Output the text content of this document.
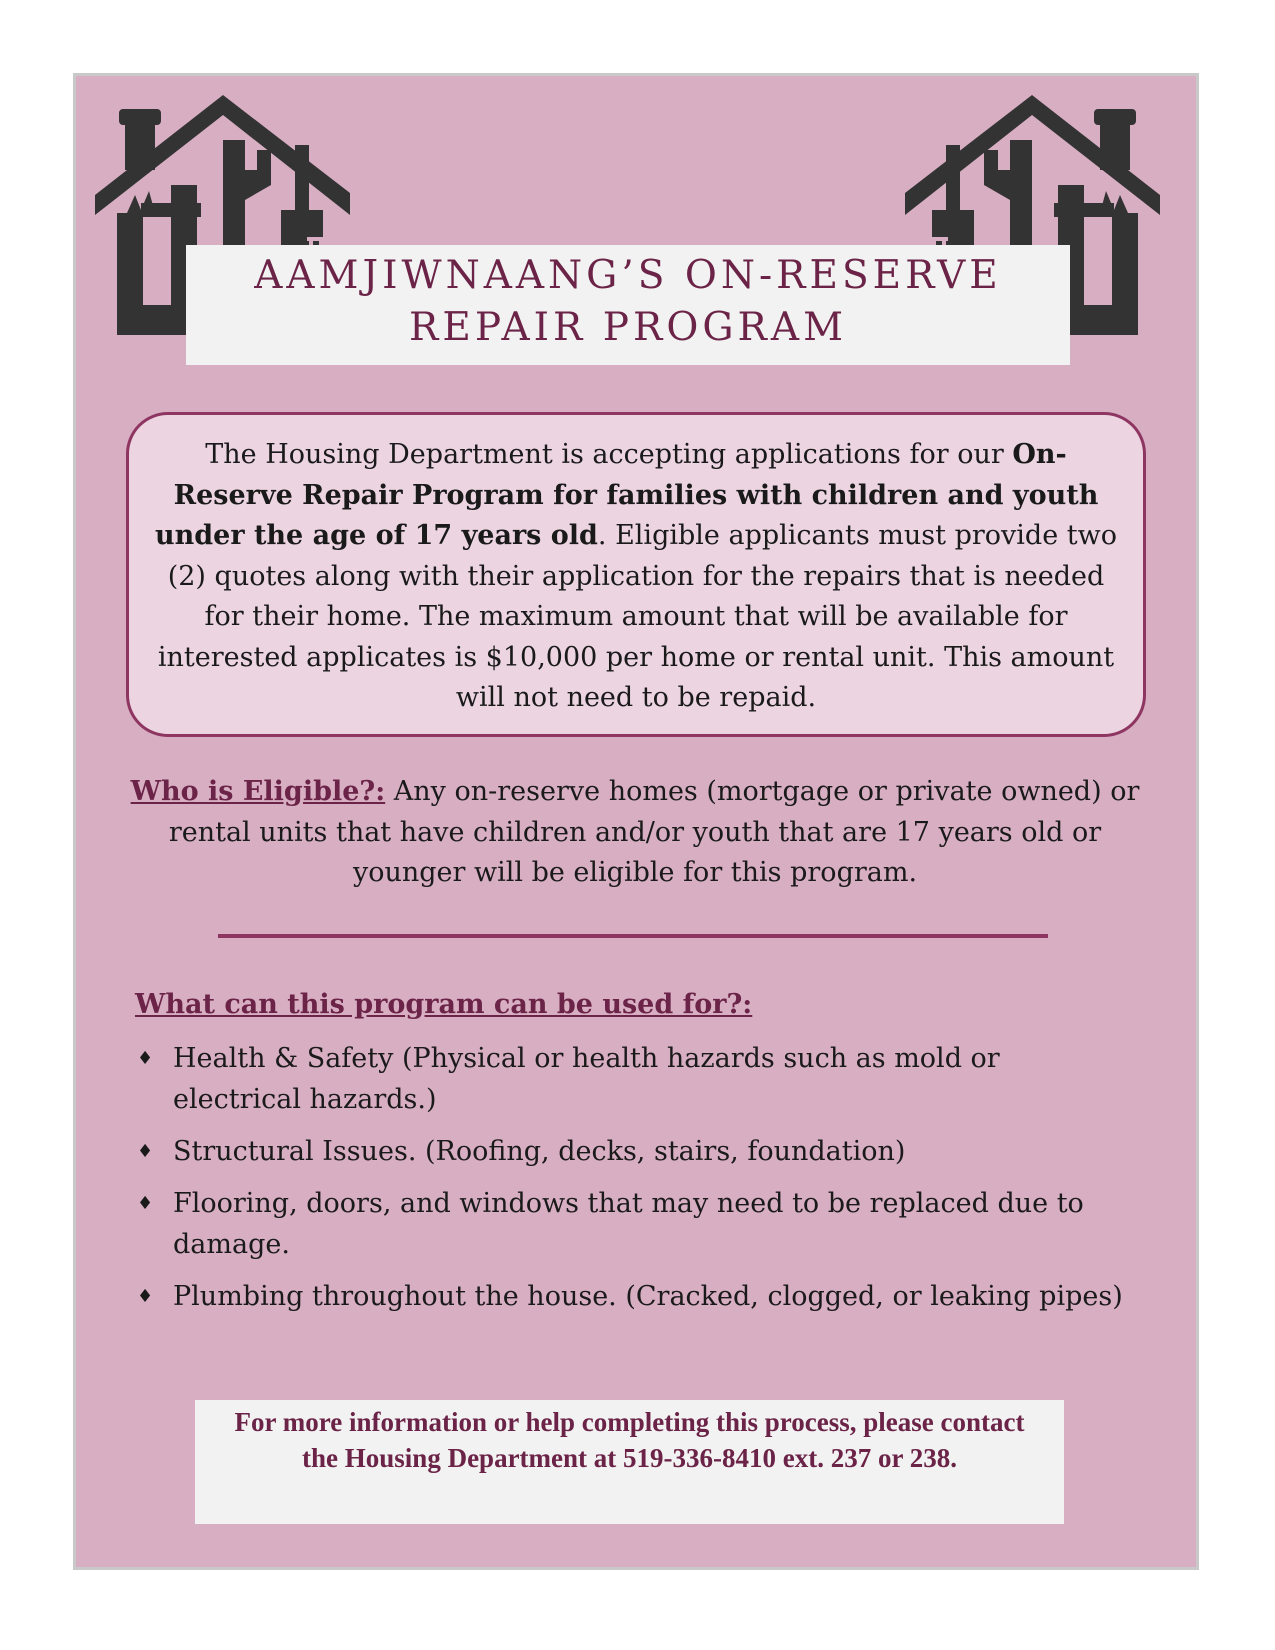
AAMJIWNAANG’S ON-RESERVE
REPAIR PROGRAM
The Housing Department is accepting applications for our On-Reserve Repair Program for families with children and youth under the age of 17 years old. Eligible applicants must provide two (2) quotes along with their application for the repairs that is needed for their home. The maximum amount that will be available for interested applicates is $10,000 per home or rental unit. This amount will not need to be repaid.
Who is Eligible?: Any on-reserve homes (mortgage or private owned) or rental units that have children and/or youth that are 17 years old or younger will be eligible for this program.
What can this program can be used for?:
♦ Health & Safety (Physical or health hazards such as mold or electrical hazards.)
♦ Structural Issues. (Roofing, decks, stairs, foundation)
♦ Flooring, doors, and windows that may need to be replaced due to damage.
♦ Plumbing throughout the house. (Cracked, clogged, or leaking pipes)
For more information or help completing this process, please contact
the Housing Department at 519-336-8410 ext. 237 or 238.
